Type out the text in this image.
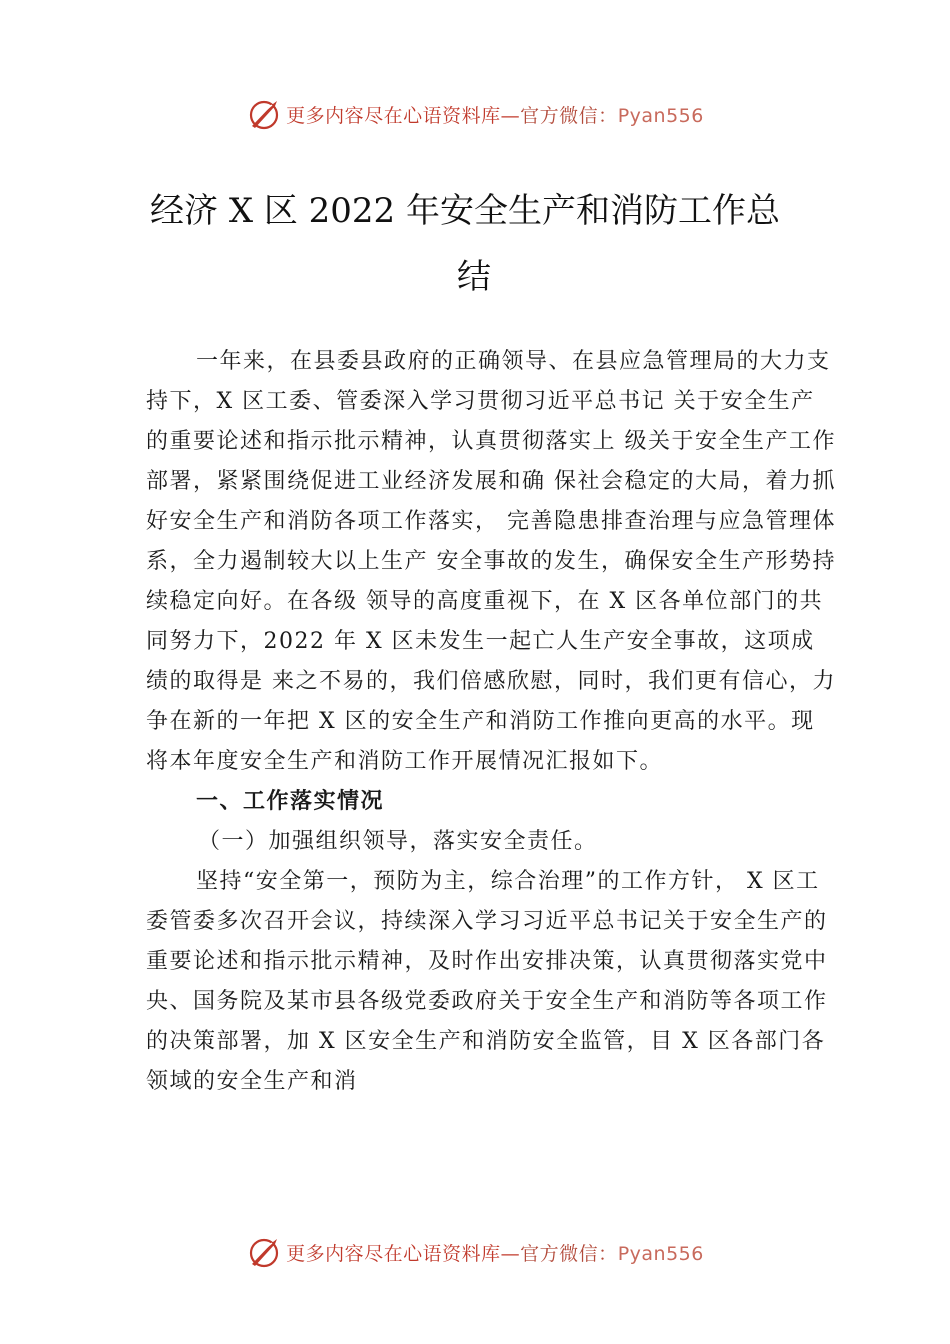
更多内容尽在心语资料库—官方微信：Pyan556
经济 X 区 2022 年安全生产和消防工作总
结

一年来，在县委县政府的正确领导、在县应急管理局的大力支持下，X 区工委、管委深入学习贯彻习近平总书记 关于安全生产的重要论述和指示批示精神，认真贯彻落实上 级关于安全生产工作部署，紧紧围绕促进工业经济发展和确 保社会稳定的大局，着力抓好安全生产和消防各项工作落实， 完善隐患排查治理与应急管理体系，全力遏制较大以上生产 安全事故的发生，确保安全生产形势持续稳定向好。在各级 领导的高度重视下，在 X 区各单位部门的共同努力下，2022 年 X 区未发生一起亡人生产安全事故，这项成绩的取得是 来之不易的，我们倍感欣慰，同时，我们更有信心，力争在新的一年把 X 区的安全生产和消防工作推向更高的水平。现将本年度安全生产和消防工作开展情况汇报如下。

一、工作落实情况

（一）加强组织领导，落实安全责任。

坚持“安全第一，预防为主，综合治理”的工作方针， X 区工委管委多次召开会议，持续深入学习习近平总书记关于安全生产的重要论述和指示批示精神，及时作出安排决策，认真贯彻落实党中央、国务院及某市县各级党委政府关于安全生产和消防等各项工作的决策部署，加 X 区安全生产和消防安全监管，目 X 区各部门各领域的安全生产和消

更多内容尽在心语资料库—官方微信：Pyan556
